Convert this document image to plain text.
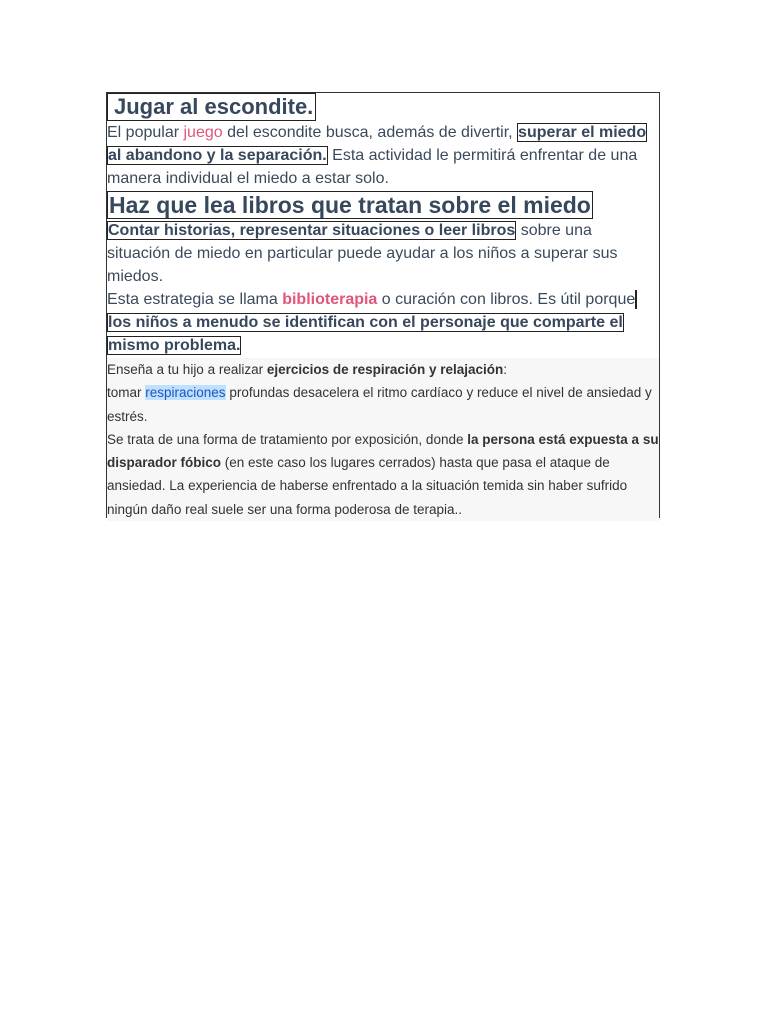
Jugar al escondite.

El popular juego del escondite busca, además de divertir, superar el miedo al abandono y la separación. Esta actividad le permitirá enfrentar de una manera individual el miedo a estar solo.

Haz que lea libros que tratan sobre el miedo

Contar historias, representar situaciones o leer libros sobre una situación de miedo en particular puede ayudar a los niños a superar sus miedos.

Esta estrategia se llama biblioterapia o curación con libros. Es útil porque los niños a menudo se identifican con el personaje que comparte el mismo problema.

Enseña a tu hijo a realizar ejercicios de respiración y relajación:

tomar respiraciones profundas desacelera el ritmo cardíaco y reduce el nivel de ansiedad y estrés.

Se trata de una forma de tratamiento por exposición, donde la persona está expuesta a su disparador fóbico (en este caso los lugares cerrados) hasta que pasa el ataque de ansiedad. La experiencia de haberse enfrentado a la situación temida sin haber sufrido ningún daño real suele ser una forma poderosa de terapia..
